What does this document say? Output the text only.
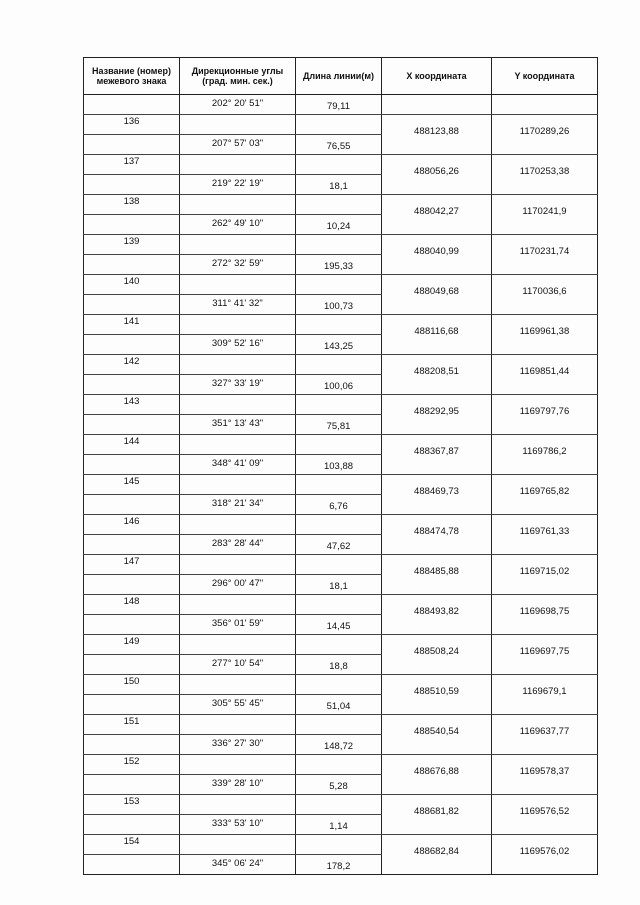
Название (номер) межевого знака	Дирекционные углы (град. мин. сек.)	Длина линии(м)	X координата	Y координата
	202° 20' 51"	79,11		
136			488123,88	1170289,26
	207° 57' 03"	76,55		
137			488056,26	1170253,38
	219° 22' 19"	18,1		
138			488042,27	1170241,9
	262° 49' 10"	10,24		
139			488040,99	1170231,74
	272° 32' 59"	195,33		
140			488049,68	1170036,6
	311° 41' 32"	100,73		
141			488116,68	1169961,38
	309° 52' 16"	143,25		
142			488208,51	1169851,44
	327° 33' 19"	100,06		
143			488292,95	1169797,76
	351° 13' 43"	75,81		
144			488367,87	1169786,2
	348° 41' 09"	103,88		
145			488469,73	1169765,82
	318° 21' 34"	6,76		
146			488474,78	1169761,33
	283° 28' 44"	47,62		
147			488485,88	1169715,02
	296° 00' 47"	18,1		
148			488493,82	1169698,75
	356° 01' 59"	14,45		
149			488508,24	1169697,75
	277° 10' 54"	18,8		
150			488510,59	1169679,1
	305° 55' 45"	51,04		
151			488540,54	1169637,77
	336° 27' 30"	148,72		
152			488676,88	1169578,37
	339° 28' 10"	5,28		
153			488681,82	1169576,52
	333° 53' 10"	1,14		
154			488682,84	1169576,02
	345° 06' 24"	178,2		
